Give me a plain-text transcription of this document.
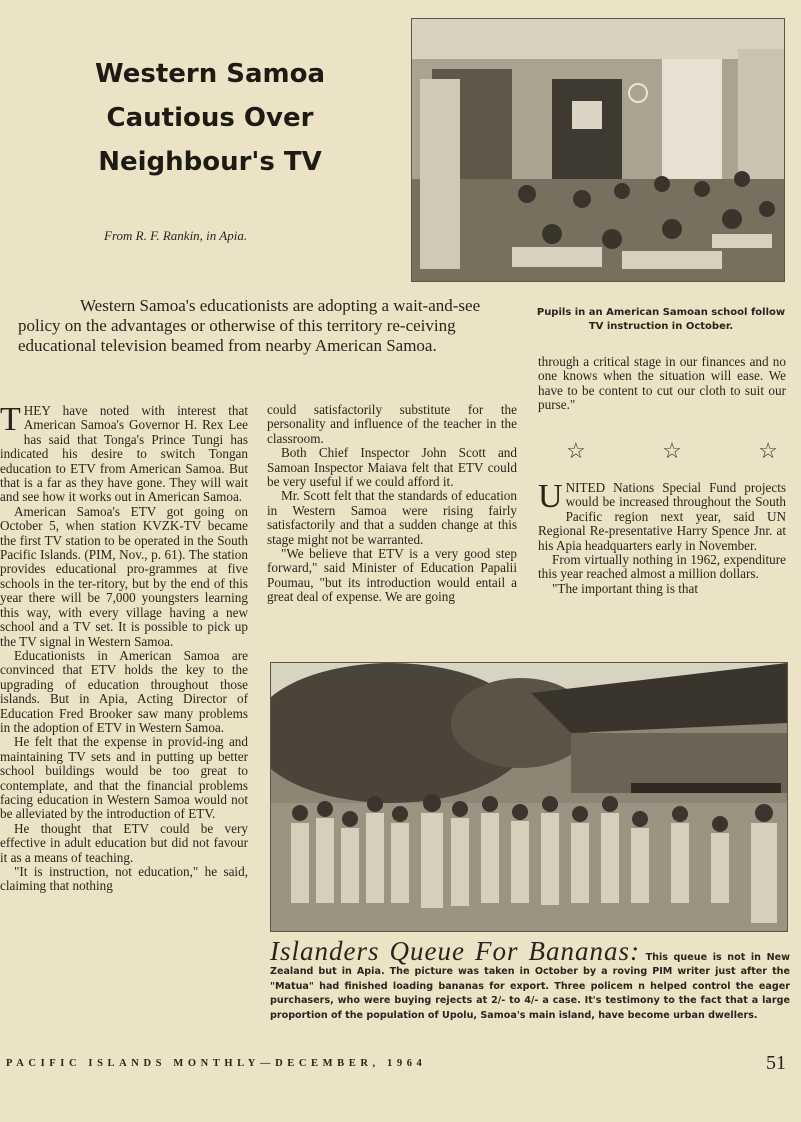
Western Samoa
Cautious Over
Neighbour's TV
From R. F. Rankin, in Apia.
Western Samoa's educationists are adopting a wait-and-see policy on the advantages or otherwise of this territory re-ceiving educational television beamed from nearby American Samoa.
Pupils in an American Samoan school follow TV instruction in October.

THEY have noted with interest that American Samoa's Governor H. Rex Lee has said that Tonga's Prince Tungi has indicated his desire to switch Tongan education to ETV from American Samoa. But that is a far as they have gone. They will wait and see how it works out in American Samoa.

American Samoa's ETV got going on October 5, when station KVZK-TV became the first TV station to be operated in the South Pacific Islands. (PIM, Nov., p. 61). The station provides educational pro-grammes at five schools in the ter-ritory, but by the end of this year there will be 7,000 youngsters learning this way, with every village having a new school and a TV set. It is possible to pick up the TV signal in Western Samoa.

Educationists in American Samoa are convinced that ETV holds the key to the upgrading of education throughout those islands. But in Apia, Acting Director of Education Fred Brooker saw many problems in the adoption of ETV in Western Samoa.

He felt that the expense in provid-ing and maintaining TV sets and in putting up better school buildings would be too great to contemplate, and that the financial problems facing education in Western Samoa would not be alleviated by the introduction of ETV.

He thought that ETV could be very effective in adult education but did not favour it as a means of teaching.

"It is instruction, not education," he said, claiming that nothing

could satisfactorily substitute for the personality and influence of the teacher in the classroom.

Both Chief Inspector John Scott and Samoan Inspector Maiava felt that ETV could be very useful if we could afford it.

Mr. Scott felt that the standards of education in Western Samoa were rising fairly satisfactorily and that a sudden change at this stage might not be warranted.

"We believe that ETV is a very good step forward," said Minister of Education Papalii Poumau, "but its introduction would entail a great deal of expense. We are going

through a critical stage in our finances and no one knows when the situation will ease. We have to be content to cut our cloth to suit our purse."

☆	☆	☆

UNITED Nations Special Fund projects would be increased throughout the South Pacific region next year, said UN Regional Re-presentative Harry Spence Jnr. at his Apia headquarters early in November.

From virtually nothing in 1962, expenditure this year reached almost a million dollars.

"The important thing is that

Islanders Queue For Bananas: This queue is not in New Zealand but in Apia. The picture was taken in October by a roving PIM writer just after the "Matua" had finished loading bananas for export. Three policem n helped control the eager purchasers, who were buying rejects at 2/- to 4/- a case. It's testimony to the fact that a large proportion of the population of Upolu, Samoa's main island, have become urban dwellers.
PACIFIC ISLANDS MONTHLY—DECEMBER, 1964	51
